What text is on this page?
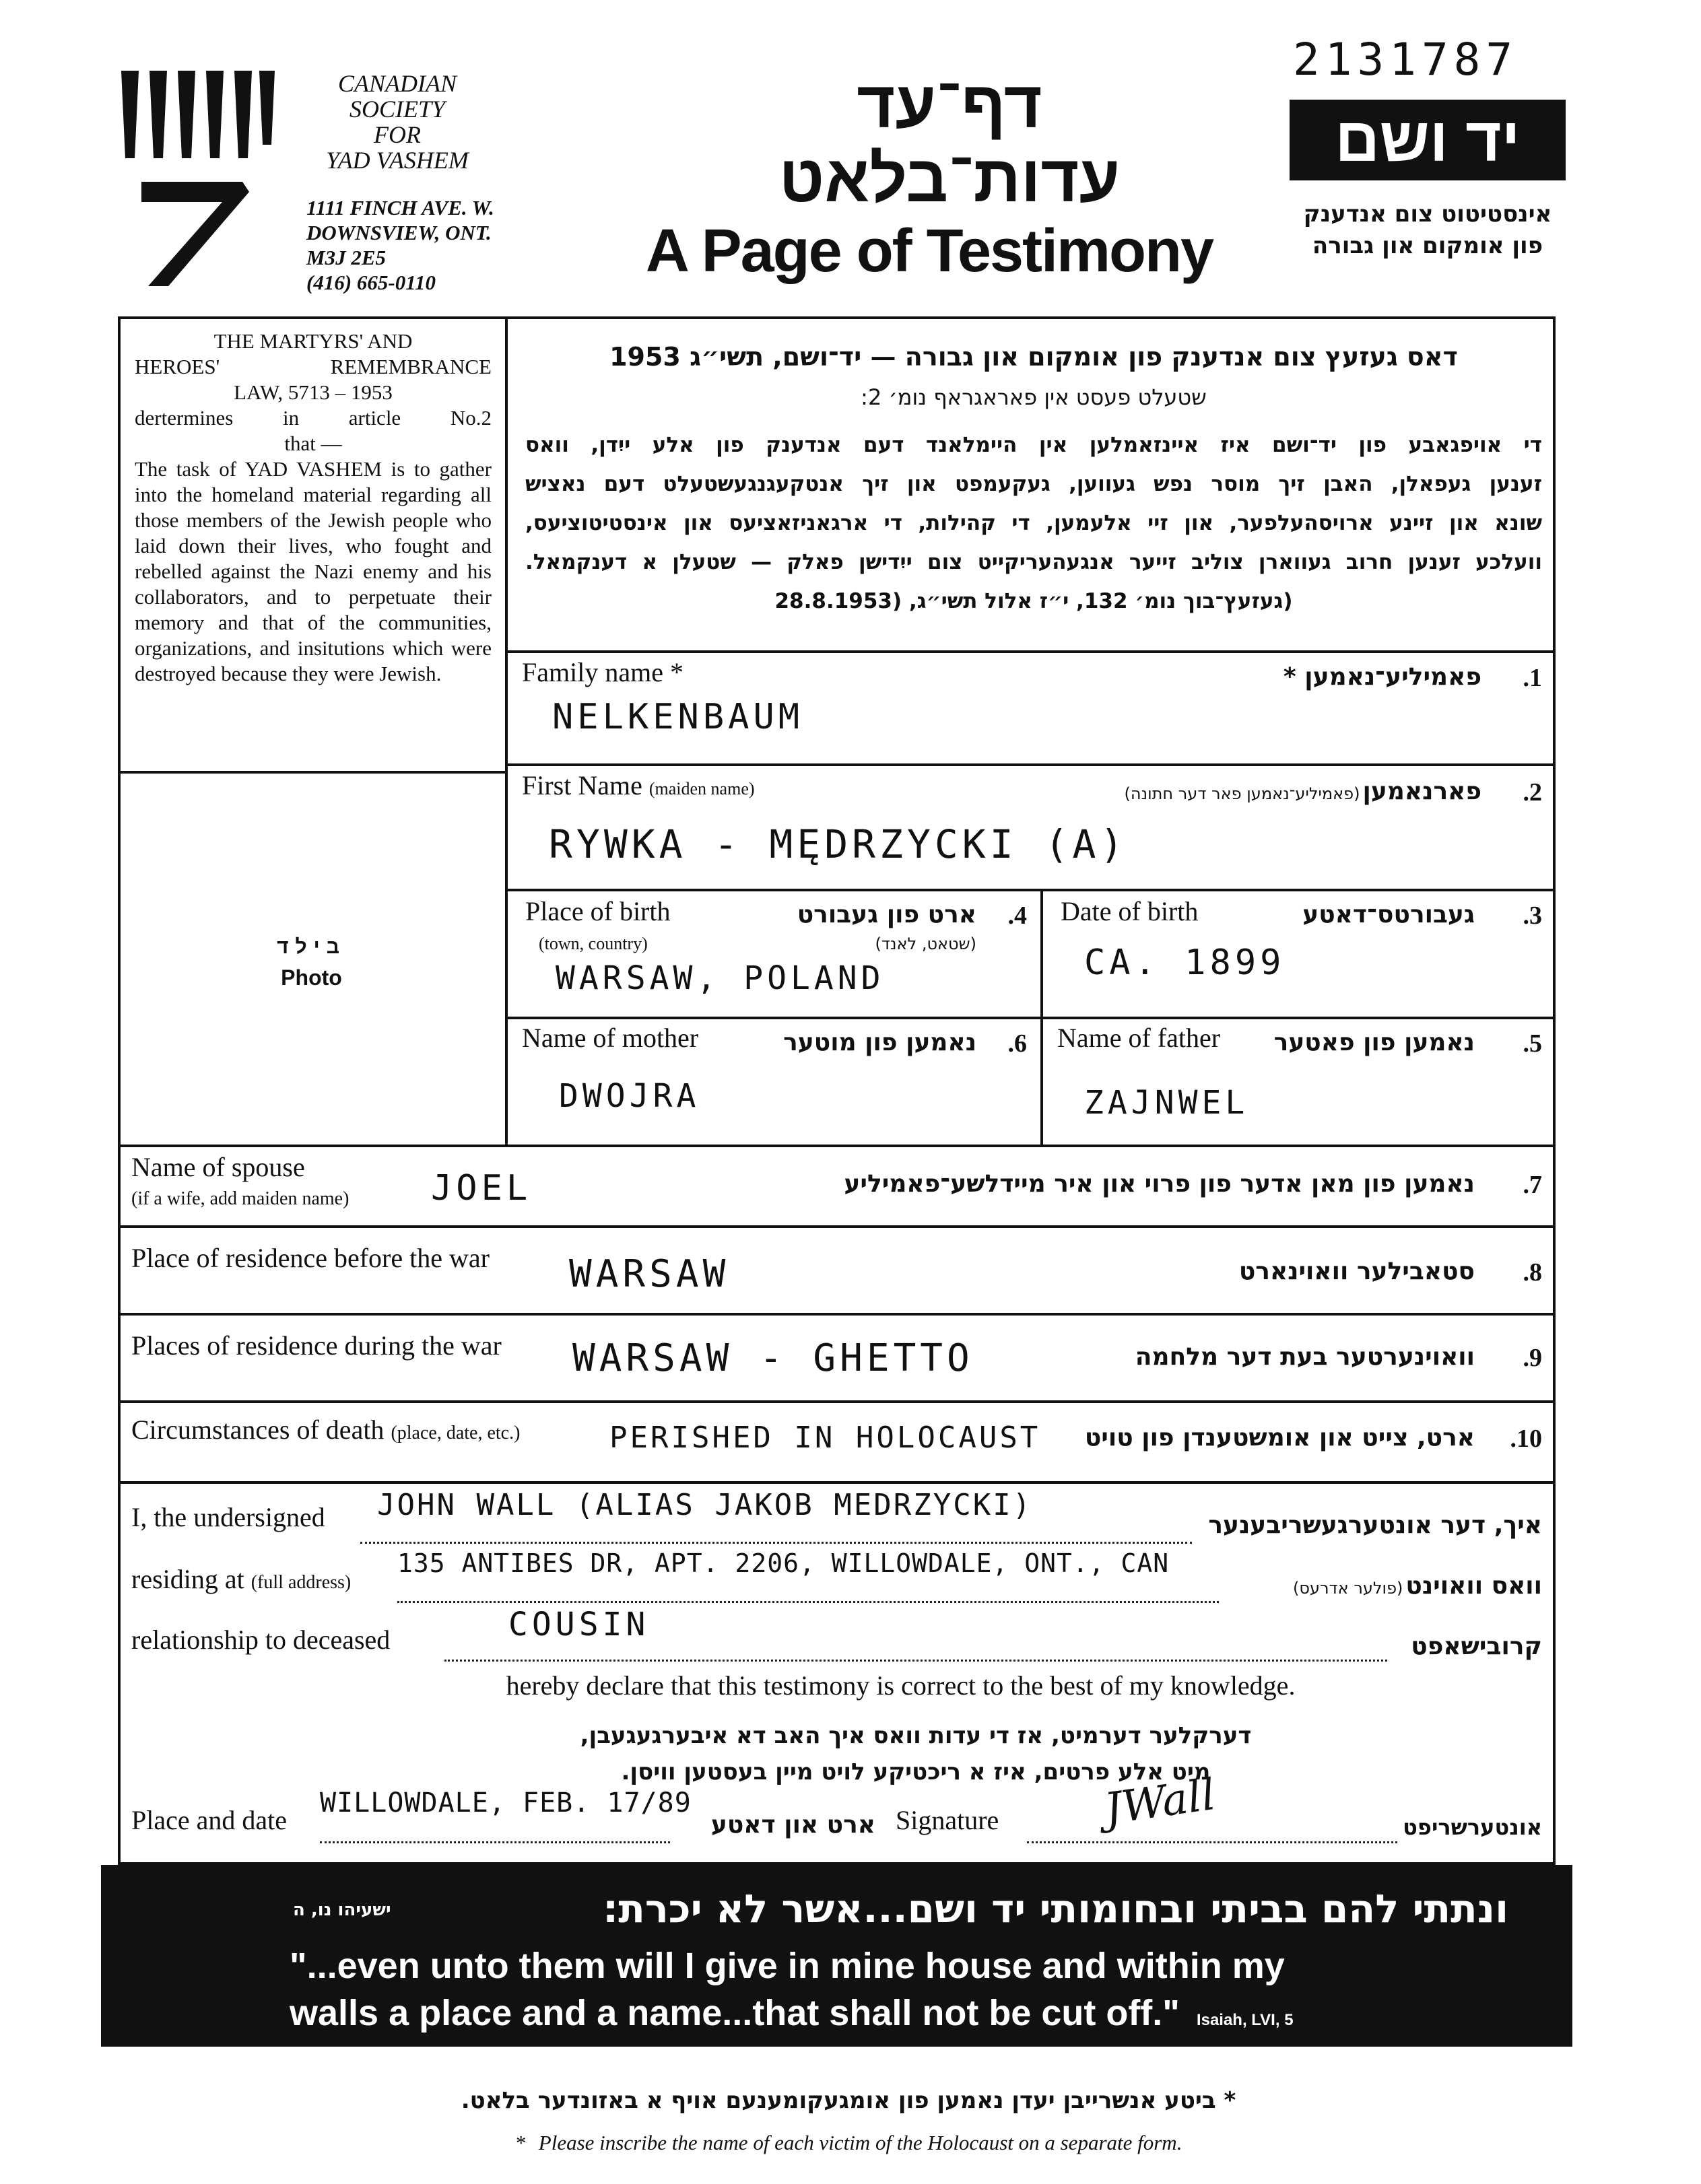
CANADIAN
SOCIETY
FOR
YAD VASHEM
1111 FINCH AVE. W.
DOWNSVIEW, ONT.
M3J 2E5
(416) 665-0110
דף־עד
עדות־בלאט
A Page of Testimony
2131787
יד ושם
אינסטיטוט צום אנדענק
פון אומקום און גבורה
THE MARTYRS' AND
HEROES' REMEMBRANCE
LAW, 5713 – 1953
dertermines in article No.2
that —
The task of YAD VASHEM is to gather into the homeland material regarding all those members of the Jewish people who laid down their lives, who fought and rebelled against the Nazi enemy and his collaborators, and to perpetuate their memory and that of the communities, organizations, and insitutions which were destroyed because they were Jewish.
בילד
Photo
דאס געזעץ צום אנדענק פון אומקום און גבורה — יד־ושם, תשי״ג 1953
שטעלט פעסט אין פאראגראף נומ׳ 2:
די אויפגאבע פון יד־ושם איז איינזאמלען אין היימלאנד דעם אנדענק פון אלע ייִדן, וואס
זענען געפאלן, האבן זיך מוסר נפש געווען, געקעמפט און זיך אנטקעגנגעשטעלט דעם נאציש
שונא און זיינע ארויסהעלפער, און זיי אלעמען, די קהילות, די ארגאניזאציעס און אינסטיטוציעס,
וועלכע זענען חרוב געווארן צוליב זייער אנגעהעריקייט צום ייִדישן פאלק — שטעלן א דענקמאל.
(געזעץ־בוך נומ׳ 132, י״ז אלול תשי״ג, (28.8.1953
Family name *	פאמיליע־נאמען *	.1
NELKENBAUM
First Name (maiden name)	פארנאמען (פאמיליע־נאמען פאר דער חתונה)	.2
RYWKA - MĘDRZYCKI (A)
Place of birth
(town, country)
ארט פון געבורט
(שטאט, לאנד)
.4
WARSAW, POLAND
Date of birth	געבורטס־דאטע	.3
CA. 1899
Name of mother	נאמען פון מוטער	.6
DWOJRA
Name of father	נאמען פון פאטער	.5
ZAJNWEL
Name of spouse
(if a wife, add maiden name)
נאמען פון מאן אדער פון פרוי און איר מיידלשע־פאמיליע	.7
JOEL
Place of residence before the war	סטאבילער וואוינארט	.8
WARSAW
Places of residence during the war	וואוינערטער בעת דער מלחמה	.9
WARSAW - GHETTO
Circumstances of death (place, date, etc.)	ארט, צייט און אומשטענדן פון טויט	.10
PERISHED IN HOLOCAUST
I, the undersigned JOHN WALL (ALIAS JAKOB MEDRZYCKI)
איך, דער אונטערגעשריבענער
residing at (full address)
135 ANTIBES DR, APT. 2206, WILLOWDALE, ONT., CAN
וואס וואוינט (פולער אדרעס)
relationship to deceased	COUSIN
קרובישאפט
hereby declare that this testimony is correct to the best of my knowledge.
דערקלער דערמיט, אז די עדות וואס איך האב דא איבערגעגעבן,
מיט אלע פרטים, איז א ריכטיקע לויט מיין בעסטען וויסן.
Place and date
WILLOWDALE, FEB. 17/89
ארט און דאטע Signature JWall	אונטערשריפט
ישעיהו נו, ה	ונתתי להם בביתי ובחומותי יד ושם...אשר לא יכרת:
"...even unto them will I give in mine house and within my
walls a place and a name...that shall not be cut off." Isaiah, LVI, 5
* ביטע אנשרייבן יעדן נאמען פון אומגעקומענעם אויף א באזונדער בלאט.
* Please inscribe the name of each victim of the Holocaust on a separate form.
